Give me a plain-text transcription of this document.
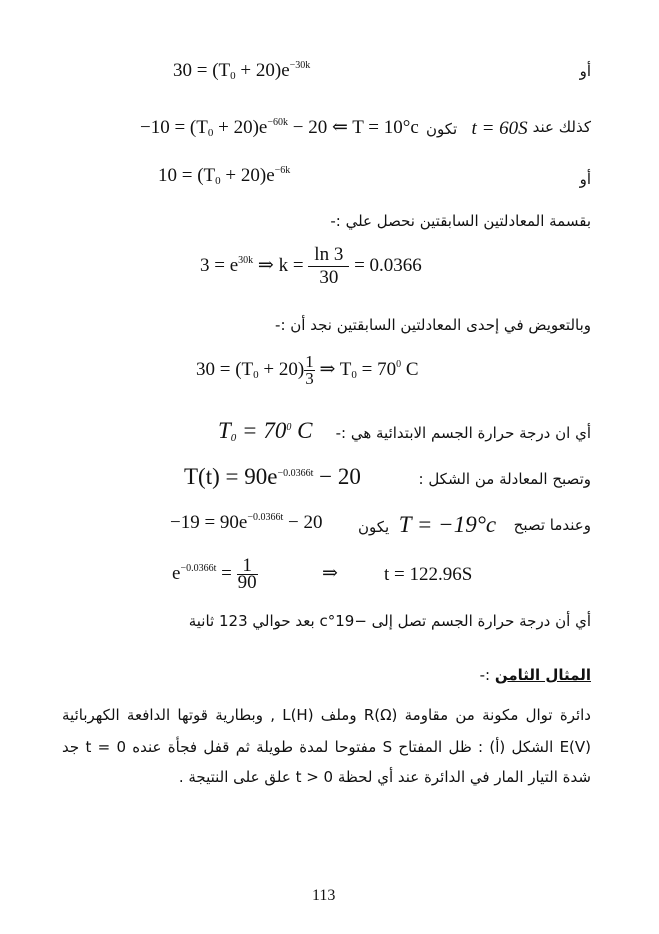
$30 = (T_0 + 20)e^{-30k}$	أو
$-10 = (T_0 + 20)e^{-60k} - 20$ ⇐ T = 10°c تكون t = 60S كذلك عند
$10 = (T_0 + 20)e^{-6k}$	أو
بقسمة المعادلتين السابقتين نحصل علي :-
$3 = e^{30k}$ ⇒ $k = \frac{\ln 3}{30} = 0.0366$
وبالتعويض في إحدى المعادلتين السابقتين نجد أن :-
$30 = (T_0 + 20) \frac{1}{3}$ ⇒ $T_0 = 70^0$ C
$T_0 = 70^0$ C أي ان درجة حرارة الجسم الابتدائية هي :-
$T(t) = 90e^{-0.0366t} - 20$	وتصبح المعادلة من الشكل :
$-19 = 90e^{-0.0366t} - 20$ يكون T = −19°c وعندما تصبح
$e^{-0.0366t} = \frac{1}{90}$	⇒ t = 122.96S
أي أن درجة حرارة الجسم تصل إلى −19°c بعد حوالي 123 ثانية
المثال الثامن :-
دائرة توال مكونة من مقاومة R(Ω) وملف L(H) , وبطارية قوتها الدافعة الكهربائية
E(V) الشكل (أ) : ظل المفتاح S مفتوحا لمدة طويلة ثم قفل فجأة عنده t = 0 جد
شدة التيار المار في الدائرة عند أي لحظة t > 0 علق على النتيجة .
113
